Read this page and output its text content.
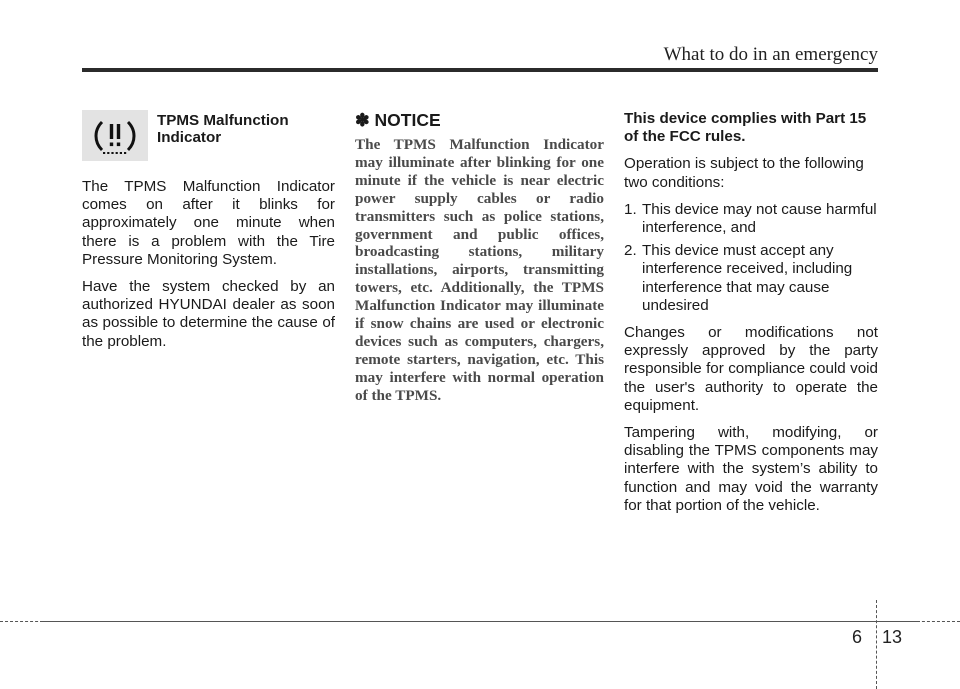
What to do in an emergency
TPMS Malfunction Indicator

The TPMS Malfunction Indicator comes on after it blinks for approximately one minute when there is a problem with the Tire Pressure Monitoring System.

Have the system checked by an authorized HYUNDAI dealer as soon as possible to determine the cause of the problem.

✽ NOTICE
The TPMS Malfunction Indicator may illuminate after blinking for one minute if the vehicle is near electric power supply cables or radio transmitters such as police stations, government and public offices, broadcasting stations, military installations, airports, transmitting towers, etc. Additionally, the TPMS Malfunction Indicator may illuminate if snow chains are used or electronic devices such as computers, chargers, remote starters, navigation, etc. This may interfere with normal operation of the TPMS.

This device complies with Part 15 of the FCC rules.

Operation is subject to the following two conditions:

1. This device may not cause harmful interference, and
2. This device must accept any interference received, including interference that may cause undesired

Changes or modifications not expressly approved by the party responsible for compliance could void the user's authority to operate the equipment.

Tampering with, modifying, or disabling the TPMS components may interfere with the system’s ability to function and may void the warranty for that portion of the vehicle.

6 13
